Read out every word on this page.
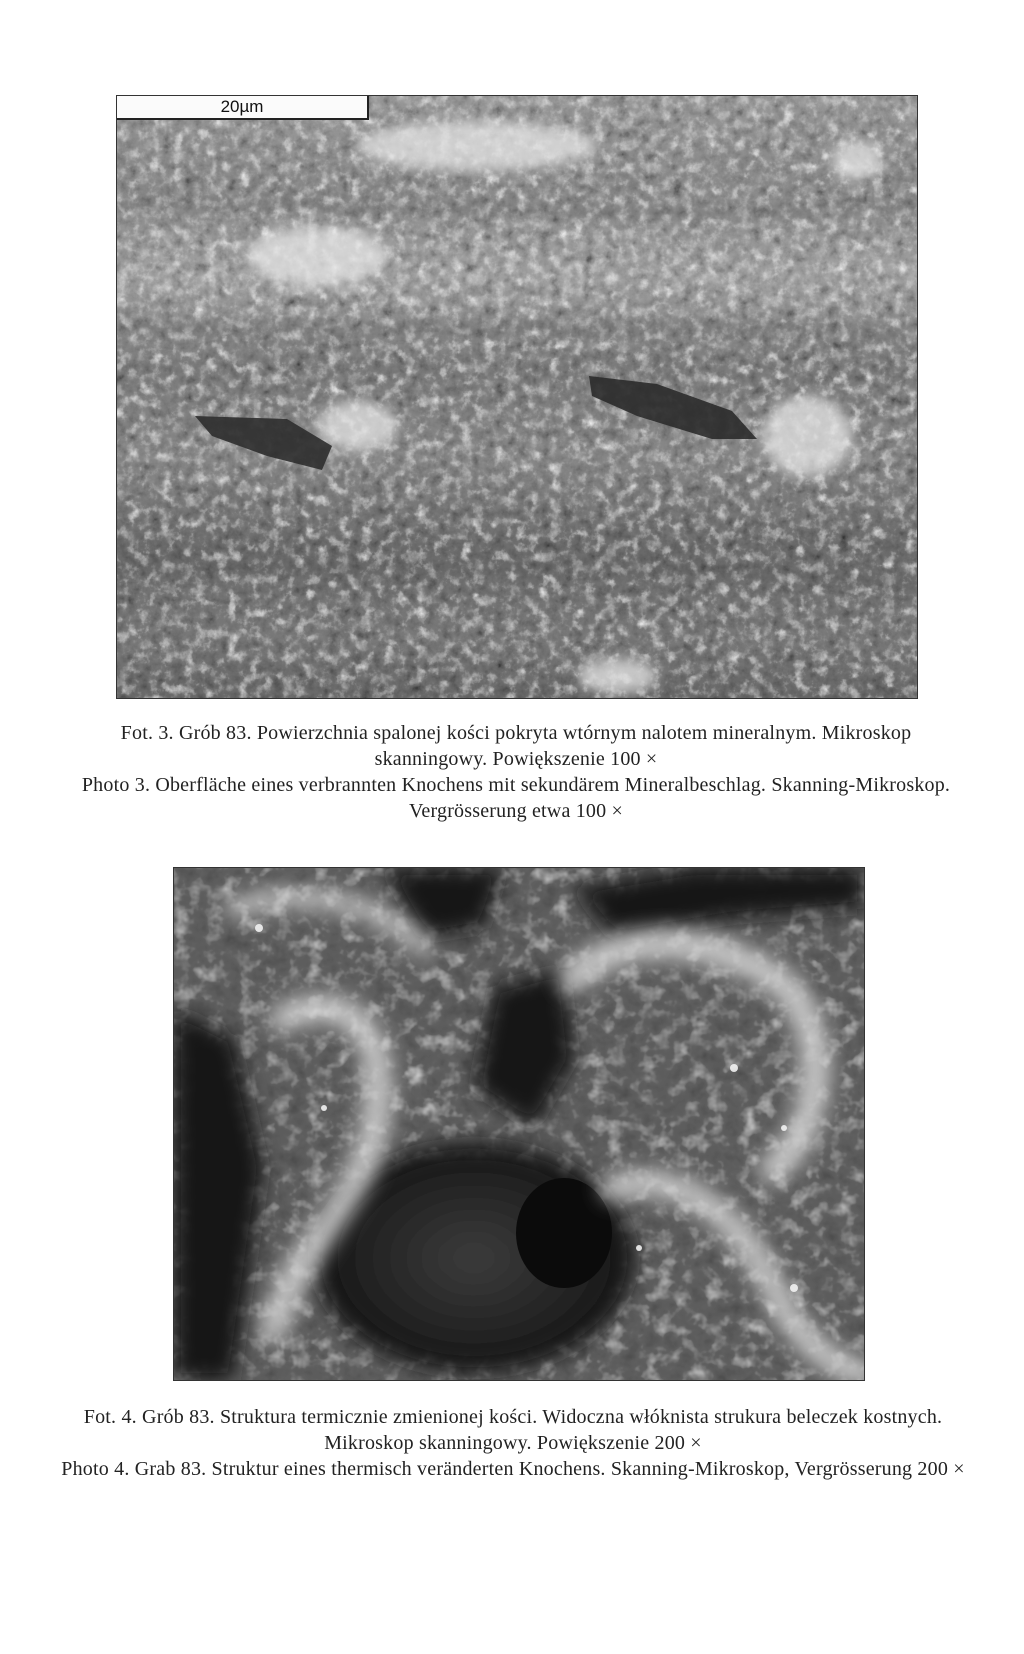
20µm

Fot. 3. Grób 83. Powierzchnia spalonej kości pokryta wtórnym nalotem mineralnym. Mikroskop skanningowy. Powiększenie 100 ×

Photo 3. Oberfläche eines verbrannten Knochens mit sekundärem Mineralbeschlag. Skanning-Mikroskop. Vergrösserung etwa 100 ×

Fot. 4. Grób 83. Struktura termicznie zmienionej kości. Widoczna włóknista strukura beleczek kostnych. Mikroskop skanningowy. Powiększenie 200 ×

Photo 4. Grab 83. Struktur eines thermisch veränderten Knochens. Skanning-Mikroskop, Vergrösserung 200 ×
